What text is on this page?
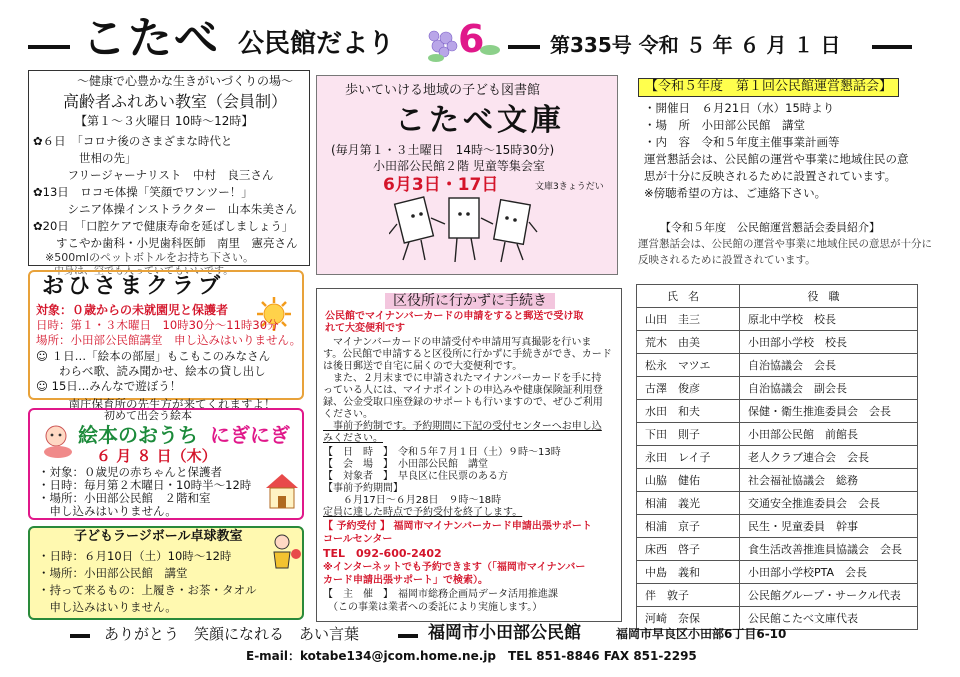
こたべ 公民館だより 6	第335号 令和 ５ 年 ６ 月 １ 日
～健康で心豊かな生きがいづくりの場～
高齢者ふれあい教室（会員制）
【第１～３火曜日 10時～12時】
✿６日　「コロナ後のさまざまな時代と
　　　　世相の先」
　　　フリージャーナリスト　中村　良三さん
✿13日　ロコモ体操「笑顔でワンツー！」
　　　シニア体操インストラクター　山本朱美さん
✿20日　「口腔ケアで健康寿命を延ばしましょう」
　　すこやか歯科・小児歯科医師　南里　憲亮さん
※500mlのペットボトルをお持ち下さい。
中身は、空でも入っていてもいいです。
歩いていける地域の子ども図書館
こたべ文庫
(毎月第１・３土曜日　14時～15時30分)
小田部公民館２階 児童等集会室
6月3日・17日	文庫3きょうだい
【令和５年度　第１回公民館運営懇話会】
・開催日　６月21日（水）15時より
・場　所　小田部公民館　講堂
・内　容　令和５年度主催事業計画等
運営懇話会は、公民館の運営や事業に地域住民の意
思が十分に反映されるために設置されています。
※傍聴希望の方は、ご連絡下さい。
【令和５年度　公民館運営懇話会委員紹介】
運営懇話会は、公民館の運営や事業に地域住民の意思が十分に
反映されるために設置されています。
氏名	役職
山田　圭三	原北中学校　校長
荒木　由美	小田部小学校　校長
松永　マツエ	自治協議会　会長
古澤　俊彦	自治協議会　副会長
水田　和夫	保健・衛生推進委員会　会長
下田　則子	小田部公民館　前館長
永田　レイ子	老人クラブ連合会　会長
山脇　健佑	社会福祉協議会　総務
相浦　義光	交通安全推進委員会　会長
相浦　京子	民生・児童委員　幹事
床西　啓子	食生活改善推進員協議会　会長
中島　義和	小田部小学校PTA　会長
伴　敦子	公民館グループ・サークル代表
河崎　奈保	公民館こたべ文庫代表
おひさまクラブ
対象：０歳からの未就園児と保護者
日時：第１・３木曜日　10時30分～11時30分
場所：小田部公民館講堂　申し込みはいりません。
☺ １日…「絵本の部屋」もこもこのみなさん
　　わらべ歌、読み聞かせ、絵本の貸し出し
☺ 15日…みんなで遊ぼう！
　　　南庄保育所の先生方が来てくれますよ！
初めて出会う絵本
絵本のおうち にぎにぎ
６ 月 ８ 日（木）
・対象：０歳児の赤ちゃんと保護者
・日時：毎月第２木曜日・10時半～12時
・場所：小田部公民館　２階和室
　申し込みはいりません。
子どもラージボール卓球教室
・日時：６月10日（土）10時～12時
・場所：小田部公民館　講堂
・持って来るもの：上履き・お茶・タオル
　申し込みはいりません。
区役所に行かずに手続き
公民館でマイナンバーカードの申請をすると郵送で受け取
れて大変便利です
　マイナンバーカードの申請受付や申請用写真撮影を行いま
す。公民館で申請すると区役所に行かずに手続きができ、カード
は後日郵送で自宅に届くので大変便利です。
　また、２月末までに申請されたマイナンバーカードを手に持
っている人には、マイナポイントの申込みや健康保険証利用登
録、公金受取口座登録のサポートも行いますので、ぜひご利用
ください。
　事前予約制です。予約期間に下記の受付センターへお申し込
みください。
【　日　時　】　令和５年７月１日（土）９時～13時
【　会　場　】　小田部公民館　講堂
【　対象者　】　早良区に住民票のある方
【事前予約期間】
　　６月17日～６月28日　９時～18時
定員に達した時点で予約受付を終了します。
【 予約受付 】 福岡市マイナンバーカード申請出張サポート
コールセンター
TEL　092-600-2402
※インターネットでも予約できます（「福岡市マイナンバー
カード申請出張サポート」で検索）。
【　主　催　】　福岡市総務企画局データ活用推進課
　（この事業は業者への委託により実施します。）
ありがとう　笑顔になれる　あい言葉	福岡市小田部公民館	福岡市早良区小田部6丁目6-10
E-mail：kotabe134@jcom.home.ne.jp　TEL 851-8846 FAX 851-2295
